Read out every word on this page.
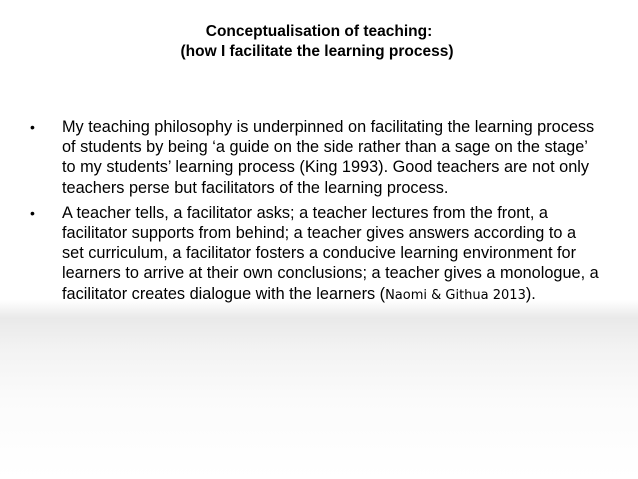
Conceptualisation of teaching:
(how I facilitate the learning process)
•	My teaching philosophy is underpinned on facilitating the learning process of students by being ‘a guide on the side rather than a sage on the stage’ to my students’ learning process (King 1993). Good teachers are not only teachers perse but facilitators of the learning process.
•	A teacher tells, a facilitator asks; a teacher lectures from the front, a facilitator supports from behind; a teacher gives answers according to a set curriculum, a facilitator fosters a conducive learning environment for learners to arrive at their own conclusions; a teacher gives a monologue, a facilitator creates dialogue with the learners (Naomi & Githua 2013).
